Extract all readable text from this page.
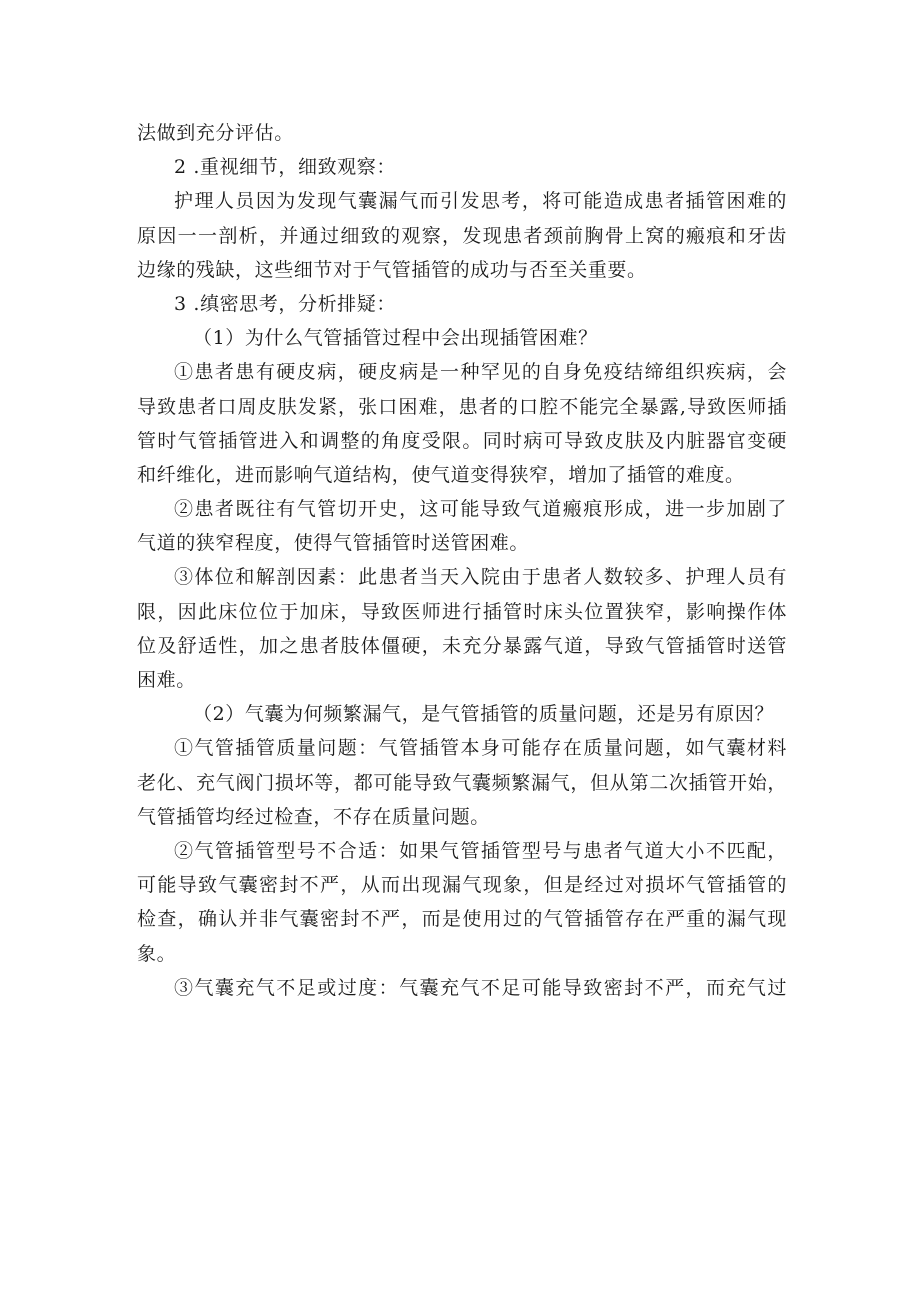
法做到充分评估。
2 .重视细节，细致观察：
护理人员因为发现气囊漏气而引发思考，将可能造成患者插管困难的
原因一一剖析，并通过细致的观察，发现患者颈前胸骨上窝的瘢痕和牙齿
边缘的残缺，这些细节对于气管插管的成功与否至关重要。
3 .缜密思考，分析排疑：
（1）为什么气管插管过程中会出现插管困难？
①患者患有硬皮病，硬皮病是一种罕见的自身免疫结缔组织疾病，会
导致患者口周皮肤发紧，张口困难，患者的口腔不能完全暴露,导致医师插
管时气管插管进入和调整的角度受限。同时病可导致皮肤及内脏器官变硬
和纤维化，进而影响气道结构，使气道变得狭窄，增加了插管的难度。
②患者既往有气管切开史，这可能导致气道瘢痕形成，进一步加剧了
气道的狭窄程度，使得气管插管时送管困难。
③体位和解剖因素：此患者当天入院由于患者人数较多、护理人员有
限，因此床位位于加床，导致医师进行插管时床头位置狭窄，影响操作体
位及舒适性，加之患者肢体僵硬，未充分暴露气道，导致气管插管时送管
困难。
（2）气囊为何频繁漏气，是气管插管的质量问题，还是另有原因？
①气管插管质量问题：气管插管本身可能存在质量问题，如气囊材料
老化、充气阀门损坏等，都可能导致气囊频繁漏气，但从第二次插管开始，
气管插管均经过检查，不存在质量问题。
②气管插管型号不合适：如果气管插管型号与患者气道大小不匹配，
可能导致气囊密封不严，从而出现漏气现象，但是经过对损坏气管插管的
检查，确认并非气囊密封不严，而是使用过的气管插管存在严重的漏气现
象。
③气囊充气不足或过度：气囊充气不足可能导致密封不严，而充气过
